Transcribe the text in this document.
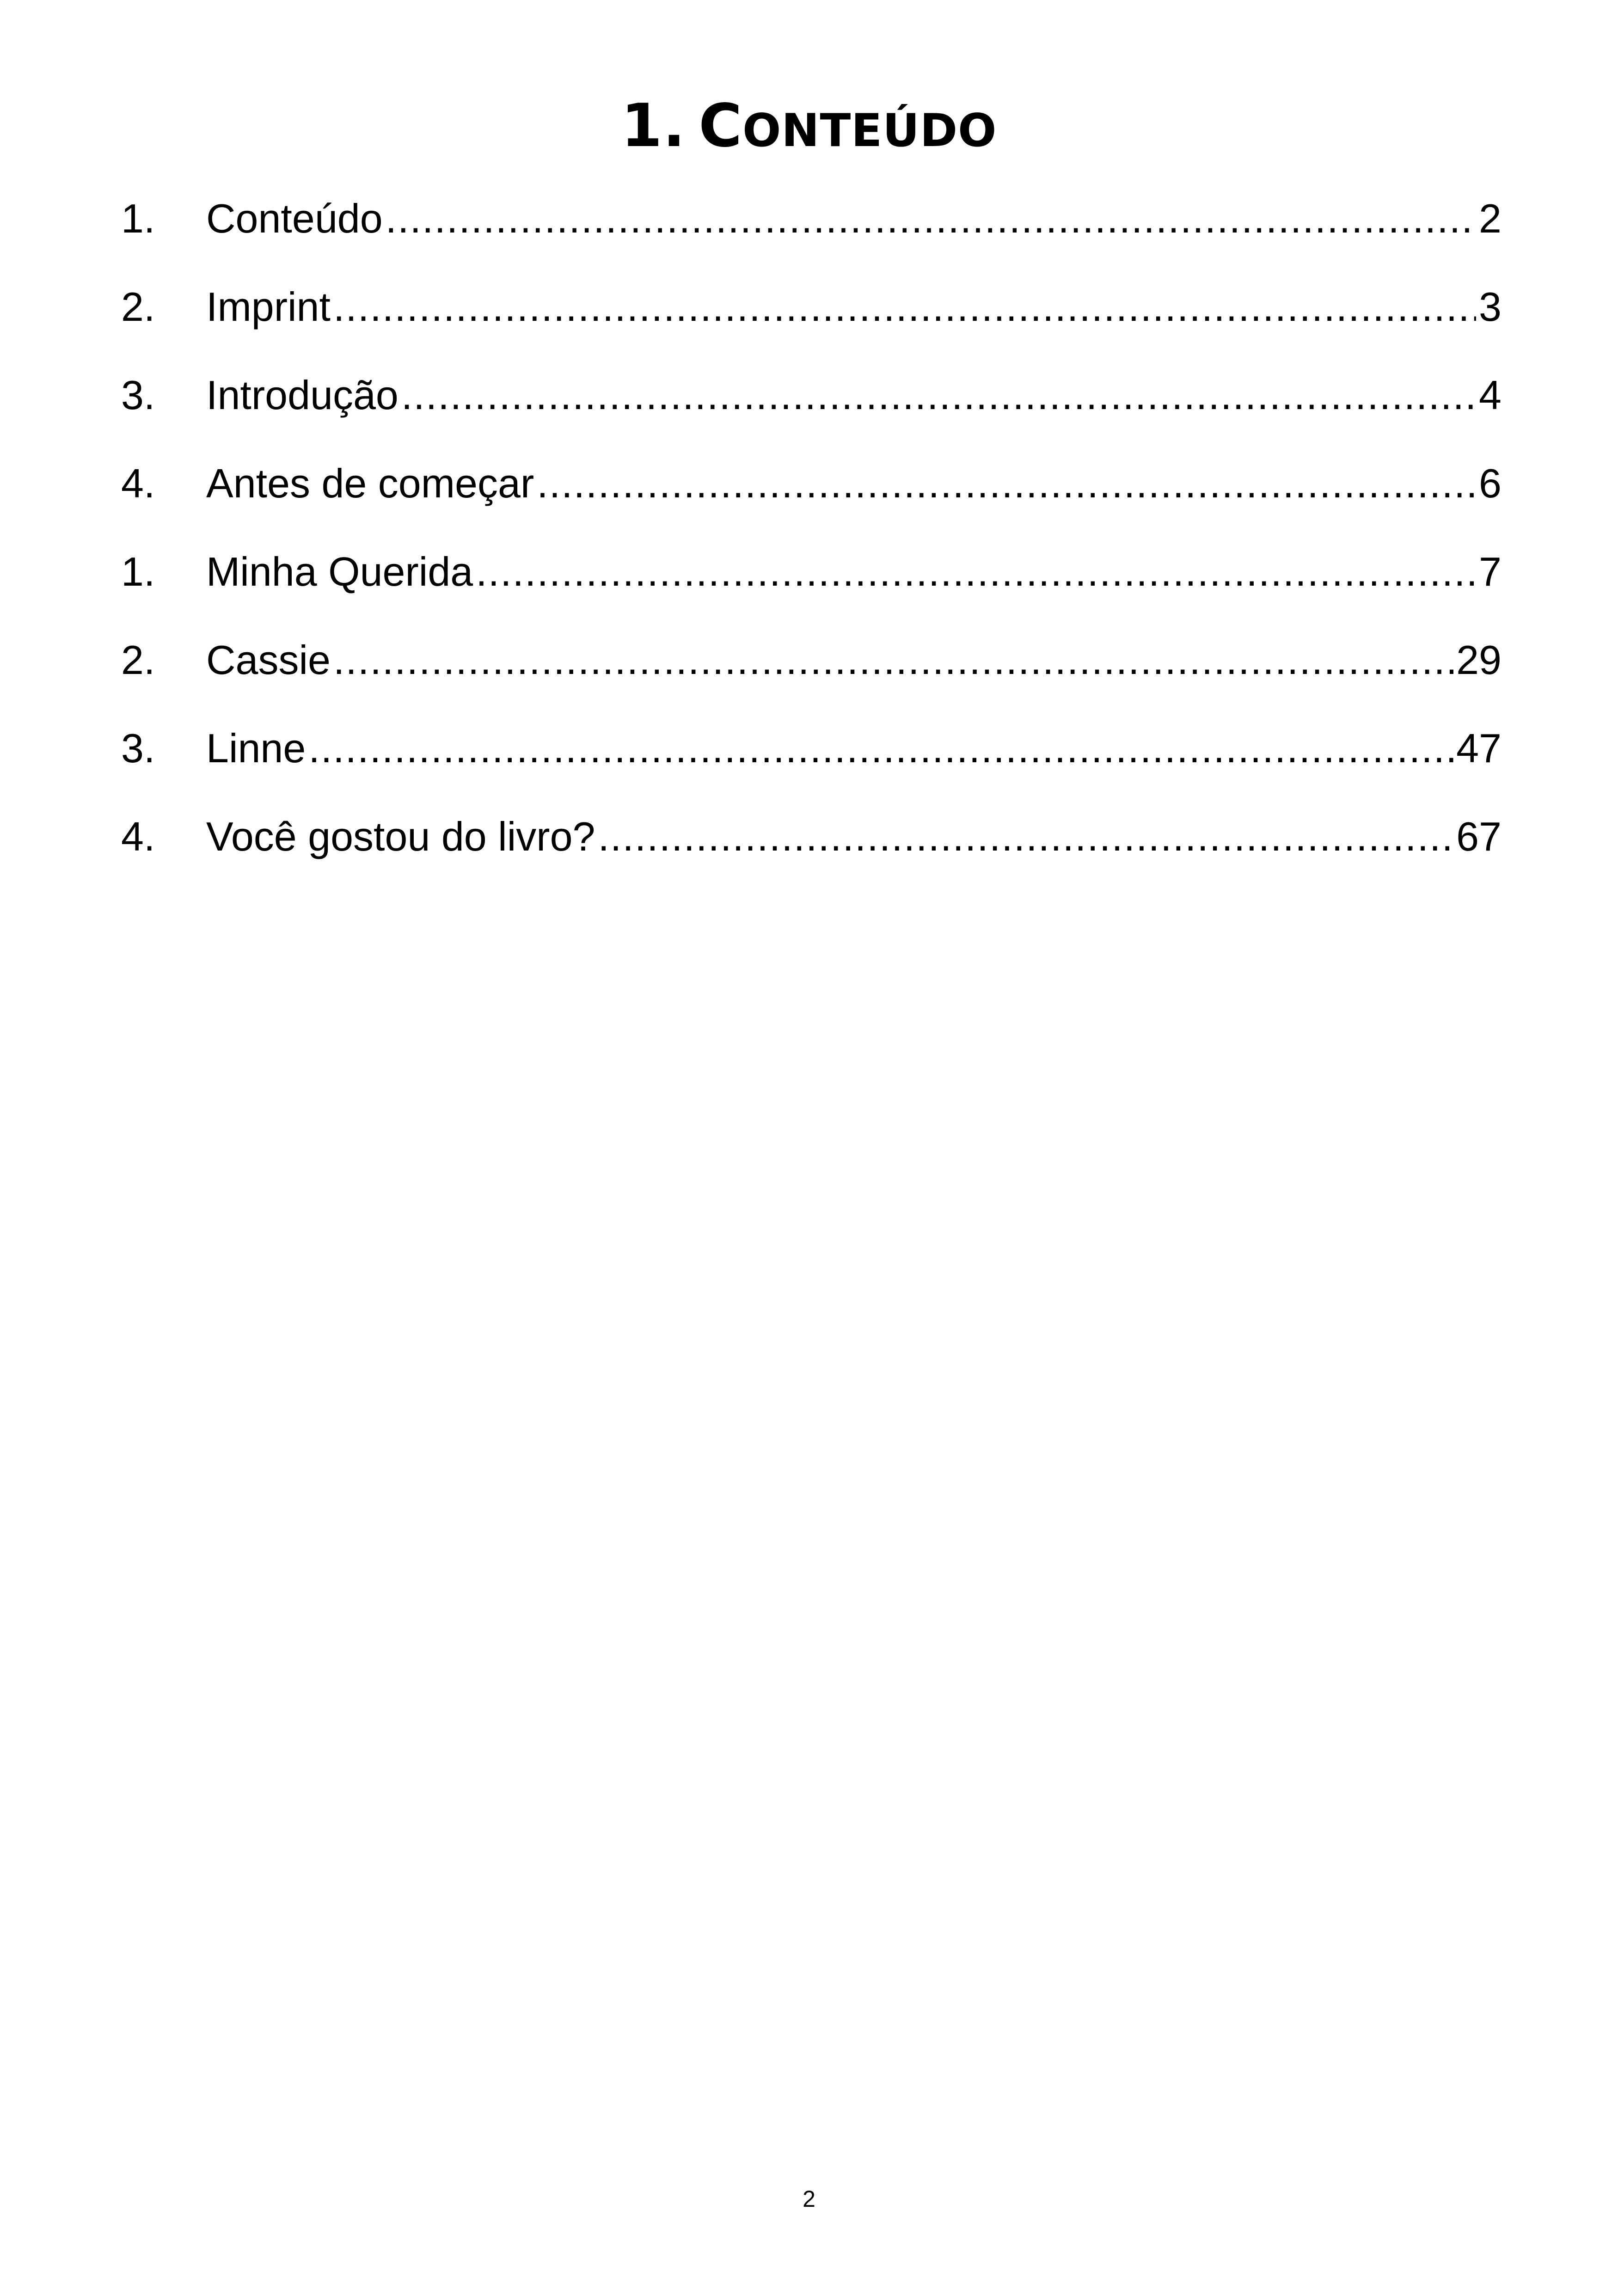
1. CONTEÚDO
1.	Conteúdo .....	2
2.	Imprint .....	3
3.	Introdução .....	4
4.	Antes de começar .....	6
1.	Minha Querida .....	7
2.	Cassie .....	29
3.	Linne .....	47
4.	Você gostou do livro? .....	67
2
